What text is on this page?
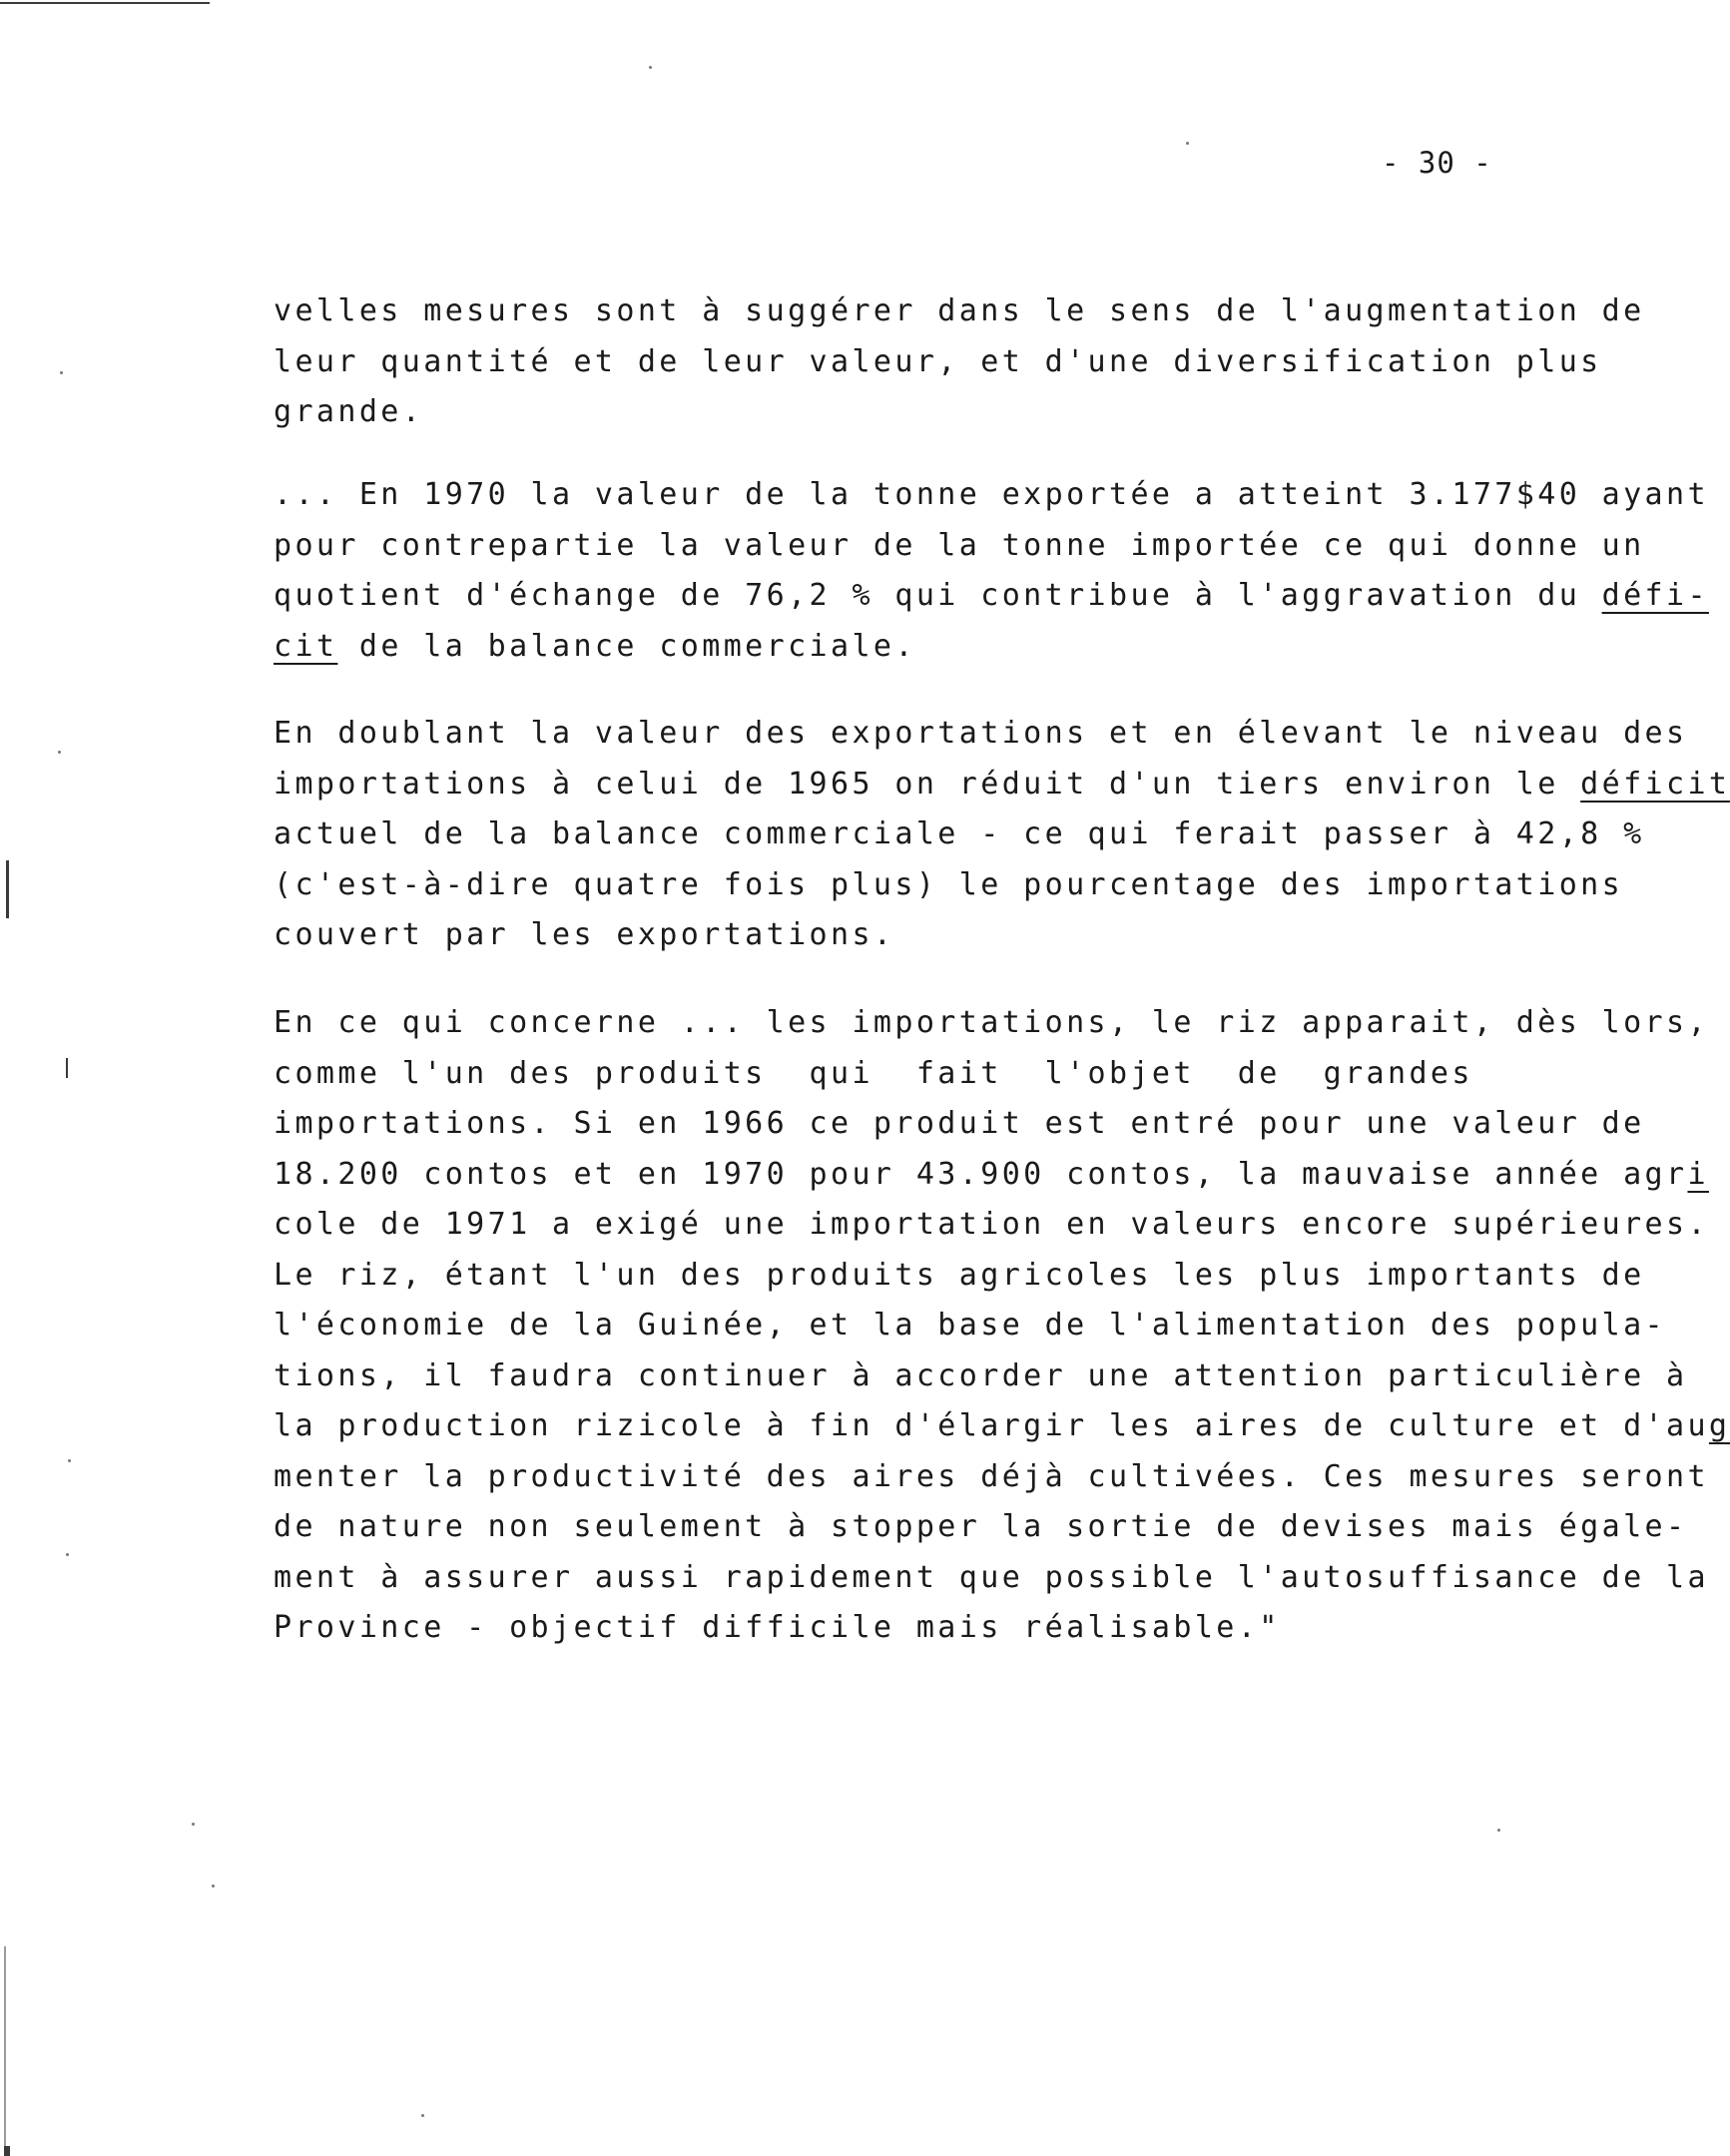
- 30 -
velles mesures sont à suggérer dans le sens de l'augmentation de
leur quantité et de leur valeur, et d'une diversification plus
grande.
... En 1970 la valeur de la tonne exportée a atteint 3.177$40 ayant
pour contrepartie la valeur de la tonne importée ce qui donne un
quotient d'échange de 76,2 % qui contribue à l'aggravation du défi-
cit de la balance commerciale.
En doublant la valeur des exportations et en élevant le niveau des
importations à celui de 1965 on réduit d'un tiers environ le déficit
actuel de la balance commerciale - ce qui ferait passer à 42,8 %
(c'est-à-dire quatre fois plus) le pourcentage des importations
couvert par les exportations.
En ce qui concerne ... les importations, le riz apparait, dès lors,
comme l'un des produits  qui  fait  l'objet  de  grandes
importations. Si en 1966 ce produit est entré pour une valeur de
18.200 contos et en 1970 pour 43.900 contos, la mauvaise année agri
cole de 1971 a exigé une importation en valeurs encore supérieures.
Le riz, étant l'un des produits agricoles les plus importants de
l'économie de la Guinée, et la base de l'alimentation des popula-
tions, il faudra continuer à accorder une attention particulière à
la production rizicole à fin d'élargir les aires de culture et d'aug
menter la productivité des aires déjà cultivées. Ces mesures seront
de nature non seulement à stopper la sortie de devises mais égale-
ment à assurer aussi rapidement que possible l'autosuffisance de la
Province - objectif difficile mais réalisable."
